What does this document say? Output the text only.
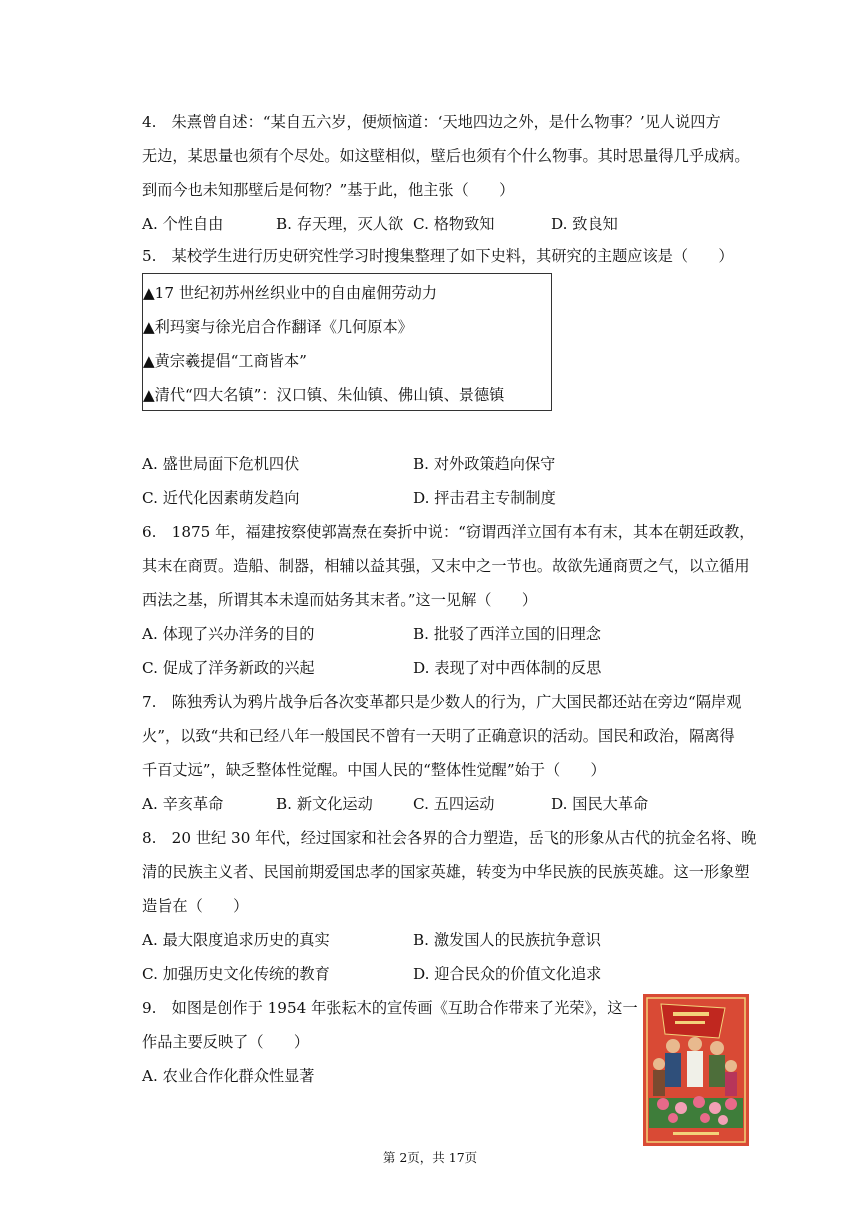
4.　朱熹曾自述：“某自五六岁，便烦恼道：‘天地四边之外，是什么物事？’见人说四方
无边，某思量也须有个尽处。如这壁相似，壁后也须有个什么物事。其时思量得几乎成病。
到而今也未知那壁后是何物？”基于此，他主张（　　）
A. 个性自由	B. 存天理，灭人欲 C. 格物致知	D. 致良知
5.　某校学生进行历史研究性学习时搜集整理了如下史料，其研究的主题应该是（　　）
▲17 世纪初苏州丝织业中的自由雇佣劳动力
▲利玛窦与徐光启合作翻译《几何原本》
▲黄宗羲提倡“工商皆本”
▲清代“四大名镇”：汉口镇、朱仙镇、佛山镇、景德镇
A. 盛世局面下危机四伏	B. 对外政策趋向保守
C. 近代化因素萌发趋向	D. 抨击君主专制制度
6.　1875 年，福建按察使郭嵩焘在奏折中说：“窃谓西洋立国有本有末，其本在朝廷政教，
其末在商贾。造船、制器，相辅以益其强，又末中之一节也。故欲先通商贾之气，以立循用
西法之基，所谓其本未遑而姑务其末者。”这一见解（　　）
A. 体现了兴办洋务的目的	B. 批驳了西洋立国的旧理念
C. 促成了洋务新政的兴起	D. 表现了对中西体制的反思
7.　陈独秀认为鸦片战争后各次变革都只是少数人的行为，广大国民都还站在旁边“隔岸观
火”，以致“共和已经八年一般国民不曾有一天明了正确意识的活动。国民和政治，隔离得
千百丈远”，缺乏整体性觉醒。中国人民的“整体性觉醒”始于（　　）
A. 辛亥革命	B. 新文化运动	C. 五四运动	D. 国民大革命
8.　20 世纪 30 年代，经过国家和社会各界的合力塑造，岳飞的形象从古代的抗金名将、晚
清的民族主义者、民国前期爱国忠孝的国家英雄，转变为中华民族的民族英雄。这一形象塑
造旨在（　　）
A. 最大限度追求历史的真实	B. 激发国人的民族抗争意识
C. 加强历史文化传统的教育	D. 迎合民众的价值文化追求
9.　如图是创作于 1954 年张耘木的宣传画《互助合作带来了光荣》，这一
作品主要反映了（　　）
A. 农业合作化群众性显著
第 2页，共 17页
